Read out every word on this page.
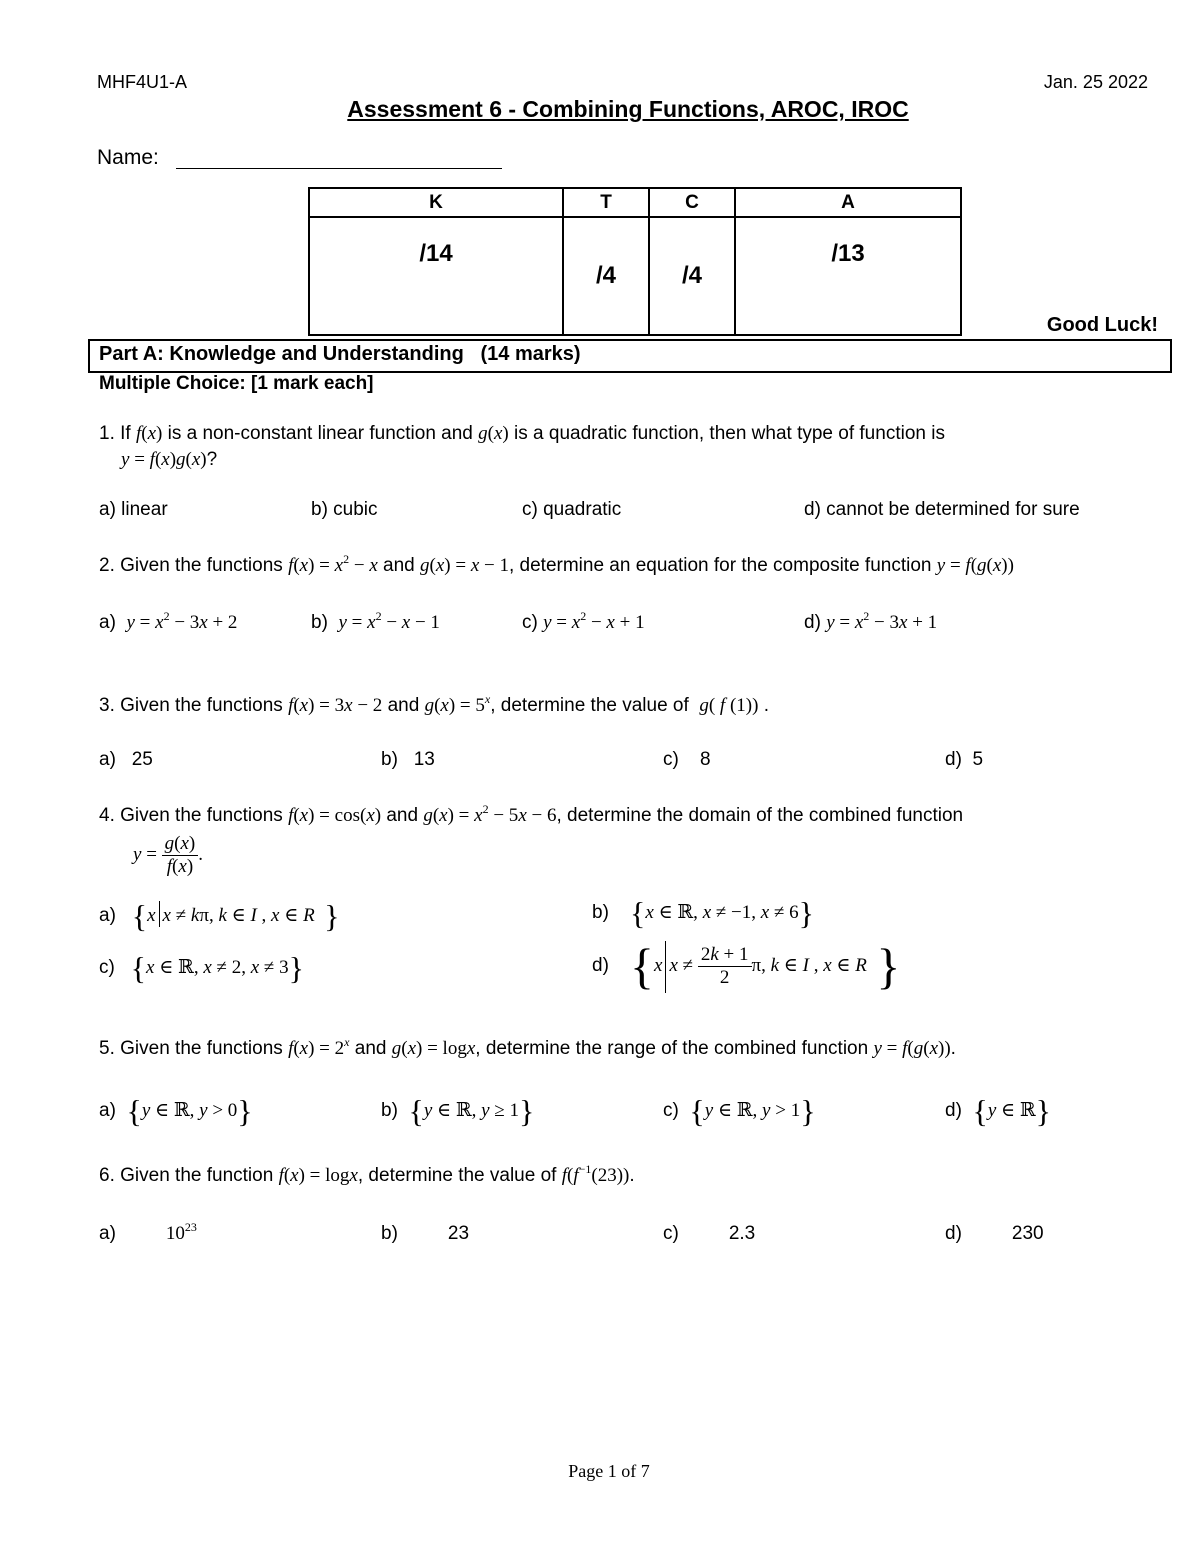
MHF4U1-A	Jan. 25 2022
Assessment 6 - Combining Functions, AROC, IROC
Name:
K	T	C	A
/14	/4	/4	/13
Good Luck!
Part A: Knowledge and Understanding   (14 marks)
Multiple Choice: [1 mark each]
1. If f(x) is a non-constant linear function and g(x) is a quadratic function, then what type of function is
y = f(x)g(x)?
a) linear	b) cubic	c) quadratic	d) cannot be determined for sure
2. Given the functions $f(x) = x^2 - x$ and g(x) = x − 1, determine an equation for the composite function y = f(g(x))
a) $y = x^2 - 3x + 2$	b) $y = x^2 - x - 1$	c) $y = x^2 - x + 1$	d) $y = x^2 - 3x + 1$
3. Given the functions f(x) = 3x − 2 and $g(x) = 5^x$, determine the value of  g( f (1)) .
a)   25	b)   13	c)    8	d)  5
4. Given the functions f(x) = cos(x) and $g(x) = x^2 - 5x - 6$, determine the domain of the combined function
$y = \frac{g(x)}{f(x)}$ .
a) {x x ≠ kπ, k ∈ I , x ∈ R }	b) {x ∈ ℝ, x ≠ −1, x ≠ 6}
c) {x ∈ ℝ, x ≠ 2, x ≠ 3}	d) {x $x \ne \frac{2k + 1}{2} \pi$, k ∈ I , x ∈ R }
5. Given the functions $f(x) = 2^x$ and g(x) = logx, determine the range of the combined function y = f(g(x)).
a) {y ∈ ℝ, y > 0}	b) {y ∈ ℝ, y ≥ 1}	c) {y ∈ ℝ, y > 1}	d) {y ∈ ℝ}
6. Given the function f(x) = logx, determine the value of $f(f^{-1}(23))$.
a)	$10^{23}$	b)	23	c)	2.3	d)	230
Page 1 of 7
